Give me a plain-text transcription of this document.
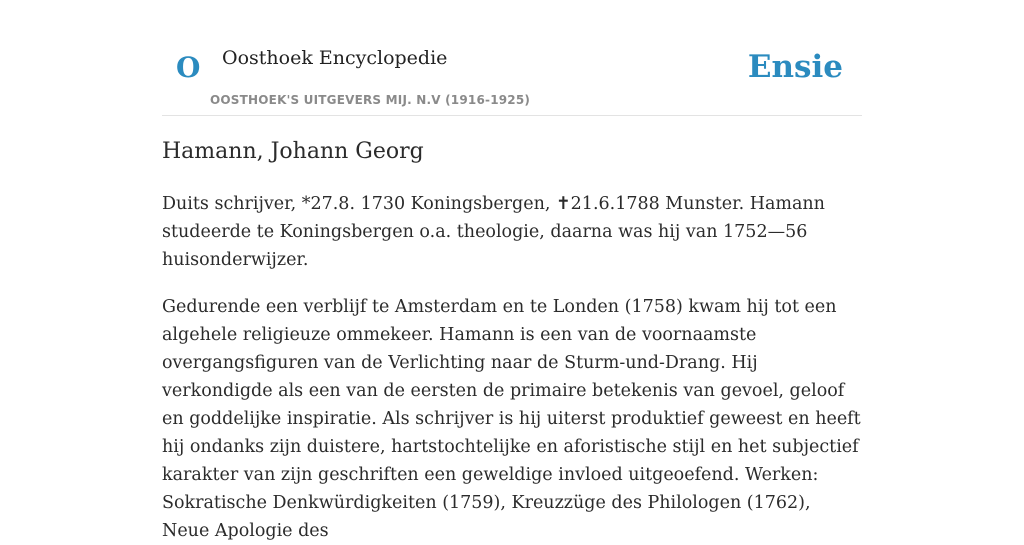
O Oosthoek Encyclopedie
OOSTHOEK'S UITGEVERS MIJ. N.V (1916-1925)
Ensie
Hamann, Johann Georg

Duits schrijver, *27.8. 1730 Koningsbergen, ✝21.6.1788 Munster. Hamann studeerde te Koningsbergen o.a. theologie, daarna was hij van 1752—56 huisonderwijzer.

Gedurende een verblijf te Amsterdam en te Londen (1758) kwam hij tot een algehele religieuze ommekeer. Hamann is een van de voornaamste overgangsfiguren van de Verlichting naar de Sturm-und-Drang. Hij verkondigde als een van de eersten de primaire betekenis van gevoel, geloof en goddelijke inspiratie. Als schrijver is hij uiterst produktief geweest en heeft hij ondanks zijn duistere, hartstochtelijke en aforistische stijl en het subjectief karakter van zijn geschriften een geweldige invloed uitgeoefend. Werken: Sokratische Denkwürdigkeiten (1759), Kreuzzüge des Philologen (1762), Neue Apologie des
